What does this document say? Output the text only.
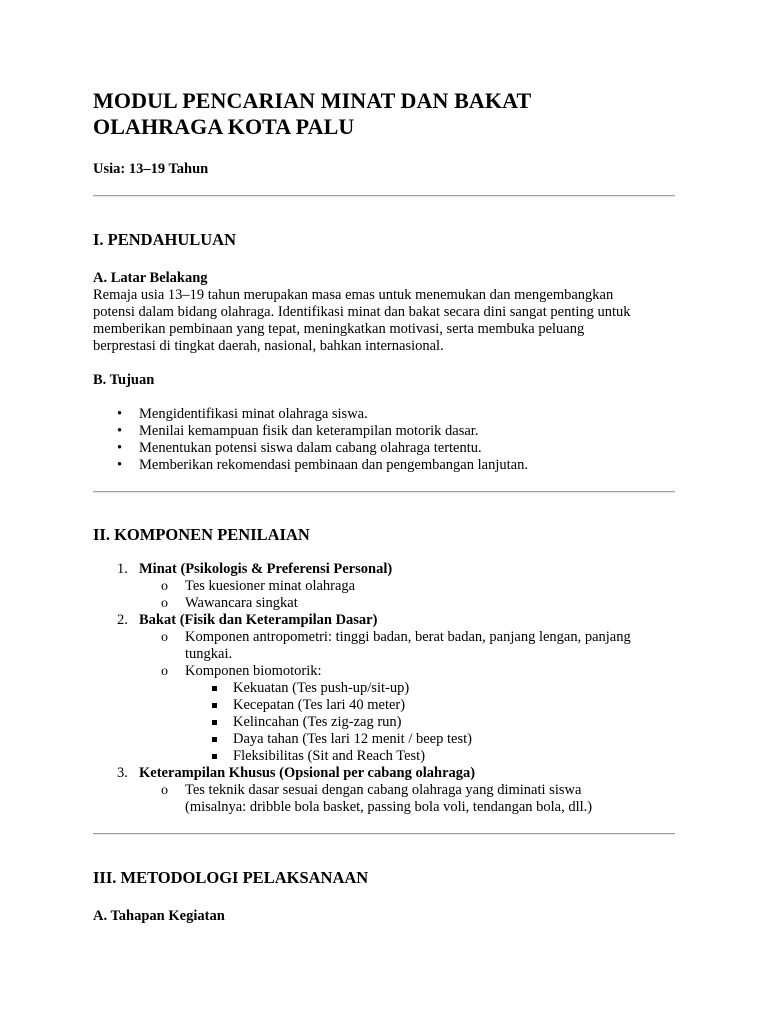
MODUL PENCARIAN MINAT DAN BAKAT
OLAHRAGA KOTA PALU
Usia: 13–19 Tahun
I. PENDAHULUAN
A. Latar Belakang
Remaja usia 13–19 tahun merupakan masa emas untuk menemukan dan mengembangkan
potensi dalam bidang olahraga. Identifikasi minat dan bakat secara dini sangat penting untuk
memberikan pembinaan yang tepat, meningkatkan motivasi, serta membuka peluang
berprestasi di tingkat daerah, nasional, bahkan internasional.
B. Tujuan
• Mengidentifikasi minat olahraga siswa.
• Menilai kemampuan fisik dan keterampilan motorik dasar.
• Menentukan potensi siswa dalam cabang olahraga tertentu.
• Memberikan rekomendasi pembinaan dan pengembangan lanjutan.
II. KOMPONEN PENILAIAN
1. Minat (Psikologis & Preferensi Personal)
o Tes kuesioner minat olahraga
o Wawancara singkat
2. Bakat (Fisik dan Keterampilan Dasar)
o Komponen antropometri: tinggi badan, berat badan, panjang lengan, panjang
tungkai.
o Komponen biomotorik:
Kekuatan (Tes push-up/sit-up)
Kecepatan (Tes lari 40 meter)
Kelincahan (Tes zig-zag run)
Daya tahan (Tes lari 12 menit / beep test)
Fleksibilitas (Sit and Reach Test)
3. Keterampilan Khusus (Opsional per cabang olahraga)
o Tes teknik dasar sesuai dengan cabang olahraga yang diminati siswa
(misalnya: dribble bola basket, passing bola voli, tendangan bola, dll.)
III. METODOLOGI PELAKSANAAN
A. Tahapan Kegiatan
